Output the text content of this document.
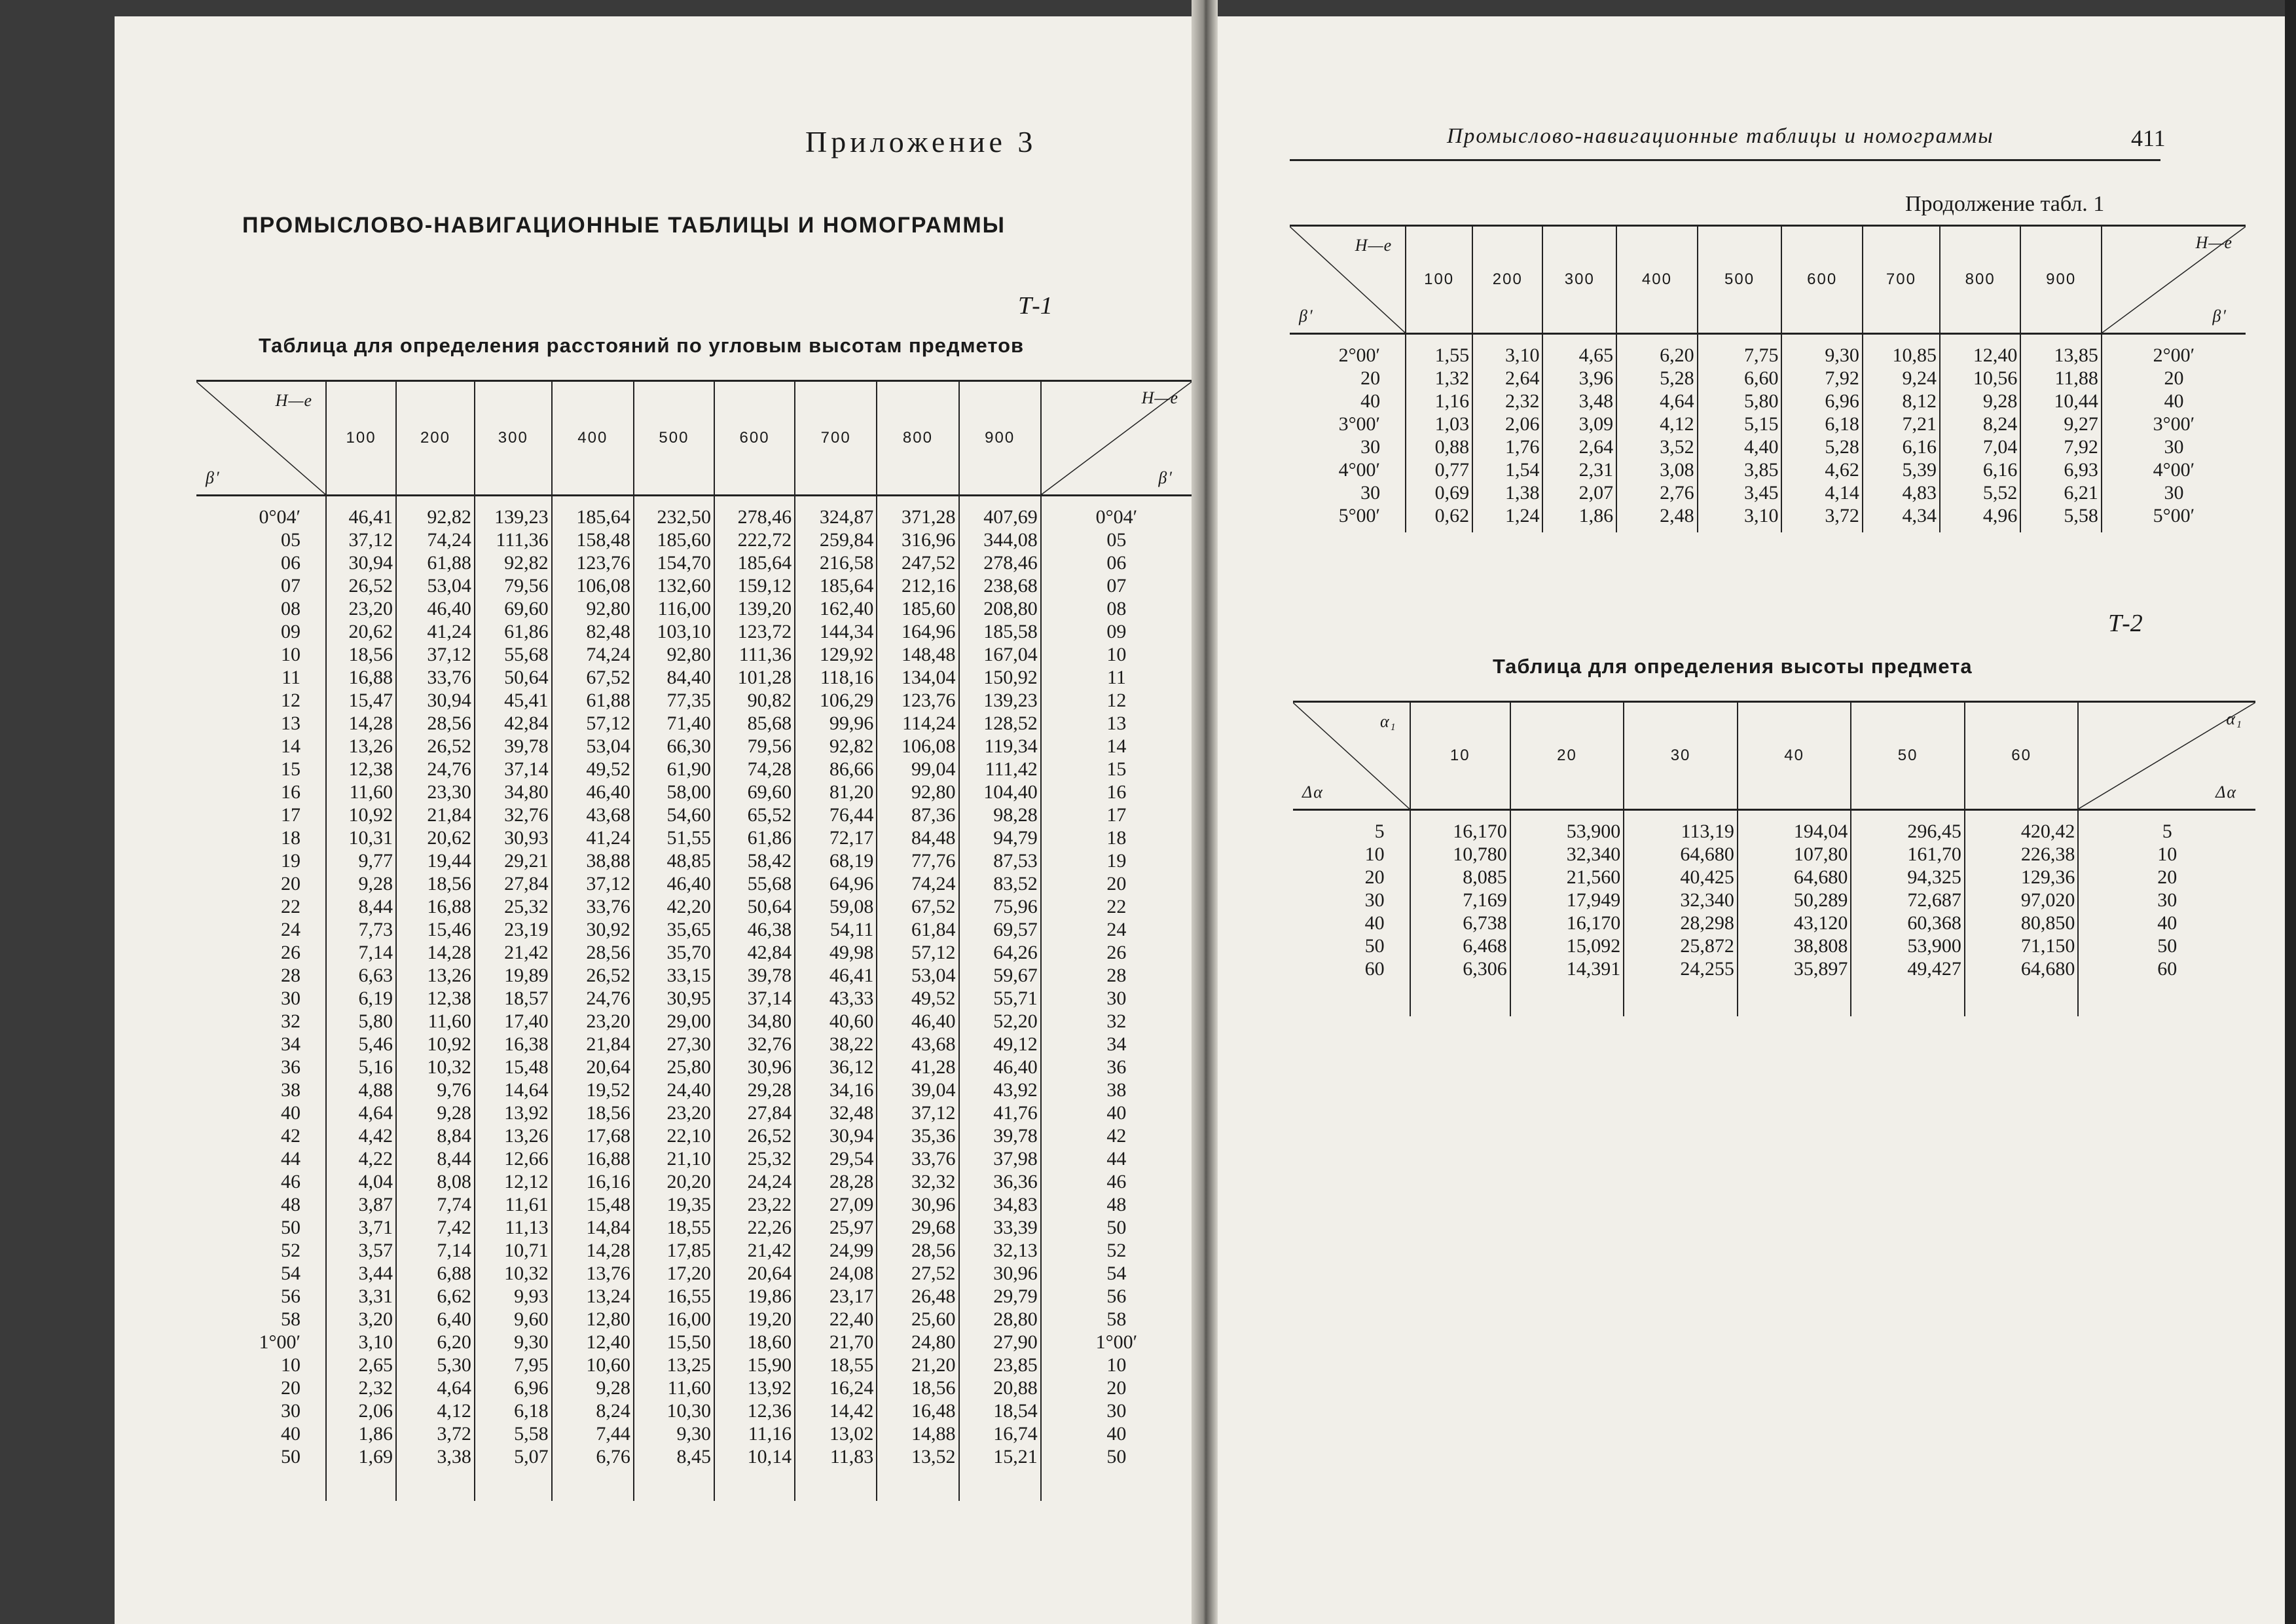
Приложение 3
ПРОМЫСЛОВО-НАВИГАЦИОННЫЕ ТАБЛИЦЫ И НОМОГРАММЫ
Т-1
Таблица для определения расстояний по угловым высотам предметов
H—e
β′	100	200	300	400	500	600	700	800	900	H—e
β′

0°04′	46,41	92,82	139,23	185,64	232,50	278,46	324,87	371,28	407,69	0°04′
05	37,12	74,24	111,36	158,48	185,60	222,72	259,84	316,96	344,08	05
06	30,94	61,88	92,82	123,76	154,70	185,64	216,58	247,52	278,46	06
07	26,52	53,04	79,56	106,08	132,60	159,12	185,64	212,16	238,68	07
08	23,20	46,40	69,60	92,80	116,00	139,20	162,40	185,60	208,80	08
09	20,62	41,24	61,86	82,48	103,10	123,72	144,34	164,96	185,58	09
10	18,56	37,12	55,68	74,24	92,80	111,36	129,92	148,48	167,04	10
11	16,88	33,76	50,64	67,52	84,40	101,28	118,16	134,04	150,92	11
12	15,47	30,94	45,41	61,88	77,35	90,82	106,29	123,76	139,23	12
13	14,28	28,56	42,84	57,12	71,40	85,68	99,96	114,24	128,52	13
14	13,26	26,52	39,78	53,04	66,30	79,56	92,82	106,08	119,34	14
15	12,38	24,76	37,14	49,52	61,90	74,28	86,66	99,04	111,42	15
16	11,60	23,30	34,80	46,40	58,00	69,60	81,20	92,80	104,40	16
17	10,92	21,84	32,76	43,68	54,60	65,52	76,44	87,36	98,28	17
18	10,31	20,62	30,93	41,24	51,55	61,86	72,17	84,48	94,79	18
19	9,77	19,44	29,21	38,88	48,85	58,42	68,19	77,76	87,53	19
20	9,28	18,56	27,84	37,12	46,40	55,68	64,96	74,24	83,52	20
22	8,44	16,88	25,32	33,76	42,20	50,64	59,08	67,52	75,96	22
24	7,73	15,46	23,19	30,92	35,65	46,38	54,11	61,84	69,57	24
26	7,14	14,28	21,42	28,56	35,70	42,84	49,98	57,12	64,26	26
28	6,63	13,26	19,89	26,52	33,15	39,78	46,41	53,04	59,67	28
30	6,19	12,38	18,57	24,76	30,95	37,14	43,33	49,52	55,71	30
32	5,80	11,60	17,40	23,20	29,00	34,80	40,60	46,40	52,20	32
34	5,46	10,92	16,38	21,84	27,30	32,76	38,22	43,68	49,12	34
36	5,16	10,32	15,48	20,64	25,80	30,96	36,12	41,28	46,40	36
38	4,88	9,76	14,64	19,52	24,40	29,28	34,16	39,04	43,92	38
40	4,64	9,28	13,92	18,56	23,20	27,84	32,48	37,12	41,76	40
42	4,42	8,84	13,26	17,68	22,10	26,52	30,94	35,36	39,78	42
44	4,22	8,44	12,66	16,88	21,10	25,32	29,54	33,76	37,98	44
46	4,04	8,08	12,12	16,16	20,20	24,24	28,28	32,32	36,36	46
48	3,87	7,74	11,61	15,48	19,35	23,22	27,09	30,96	34,83	48
50	3,71	7,42	11,13	14,84	18,55	22,26	25,97	29,68	33,39	50
52	3,57	7,14	10,71	14,28	17,85	21,42	24,99	28,56	32,13	52
54	3,44	6,88	10,32	13,76	17,20	20,64	24,08	27,52	30,96	54
56	3,31	6,62	9,93	13,24	16,55	19,86	23,17	26,48	29,79	56
58	3,20	6,40	9,60	12,80	16,00	19,20	22,40	25,60	28,80	58
1°00′	3,10	6,20	9,30	12,40	15,50	18,60	21,70	24,80	27,90	1°00′
10	2,65	5,30	7,95	10,60	13,25	15,90	18,55	21,20	23,85	10
20	2,32	4,64	6,96	9,28	11,60	13,92	16,24	18,56	20,88	20
30	2,06	4,12	6,18	8,24	10,30	12,36	14,42	16,48	18,54	30
40	1,86	3,72	5,58	7,44	9,30	11,16	13,02	14,88	16,74	40
50	1,69	3,38	5,07	6,76	8,45	10,14	11,83	13,52	15,21	50

Промыслово-навигационные таблицы и номограммы	411
Продолжение табл. 1
H—e
β′	100	200	300	400	500	600	700	800	900	H—e
β′

2°00′	1,55	3,10	4,65	6,20	7,75	9,30	10,85	12,40	13,85	2°00′
20	1,32	2,64	3,96	5,28	6,60	7,92	9,24	10,56	11,88	20
40	1,16	2,32	3,48	4,64	5,80	6,96	8,12	9,28	10,44	40
3°00′	1,03	2,06	3,09	4,12	5,15	6,18	7,21	8,24	9,27	3°00′
30	0,88	1,76	2,64	3,52	4,40	5,28	6,16	7,04	7,92	30
4°00′	0,77	1,54	2,31	3,08	3,85	4,62	5,39	6,16	6,93	4°00′
30	0,69	1,38	2,07	2,76	3,45	4,14	4,83	5,52	6,21	30
5°00′	0,62	1,24	1,86	2,48	3,10	3,72	4,34	4,96	5,58	5°00′

Т-2
Таблица для определения высоты предмета
α₁
Δα	10	20	30	40	50	60	α₁
Δα

5	16,170	53,900	113,19	194,04	296,45	420,42	5
10	10,780	32,340	64,680	107,80	161,70	226,38	10
20	8,085	21,560	40,425	64,680	94,325	129,36	20
30	7,169	17,949	32,340	50,289	72,687	97,020	30
40	6,738	16,170	28,298	43,120	60,368	80,850	40
50	6,468	15,092	25,872	38,808	53,900	71,150	50
60	6,306	14,391	24,255	35,897	49,427	64,680	60
